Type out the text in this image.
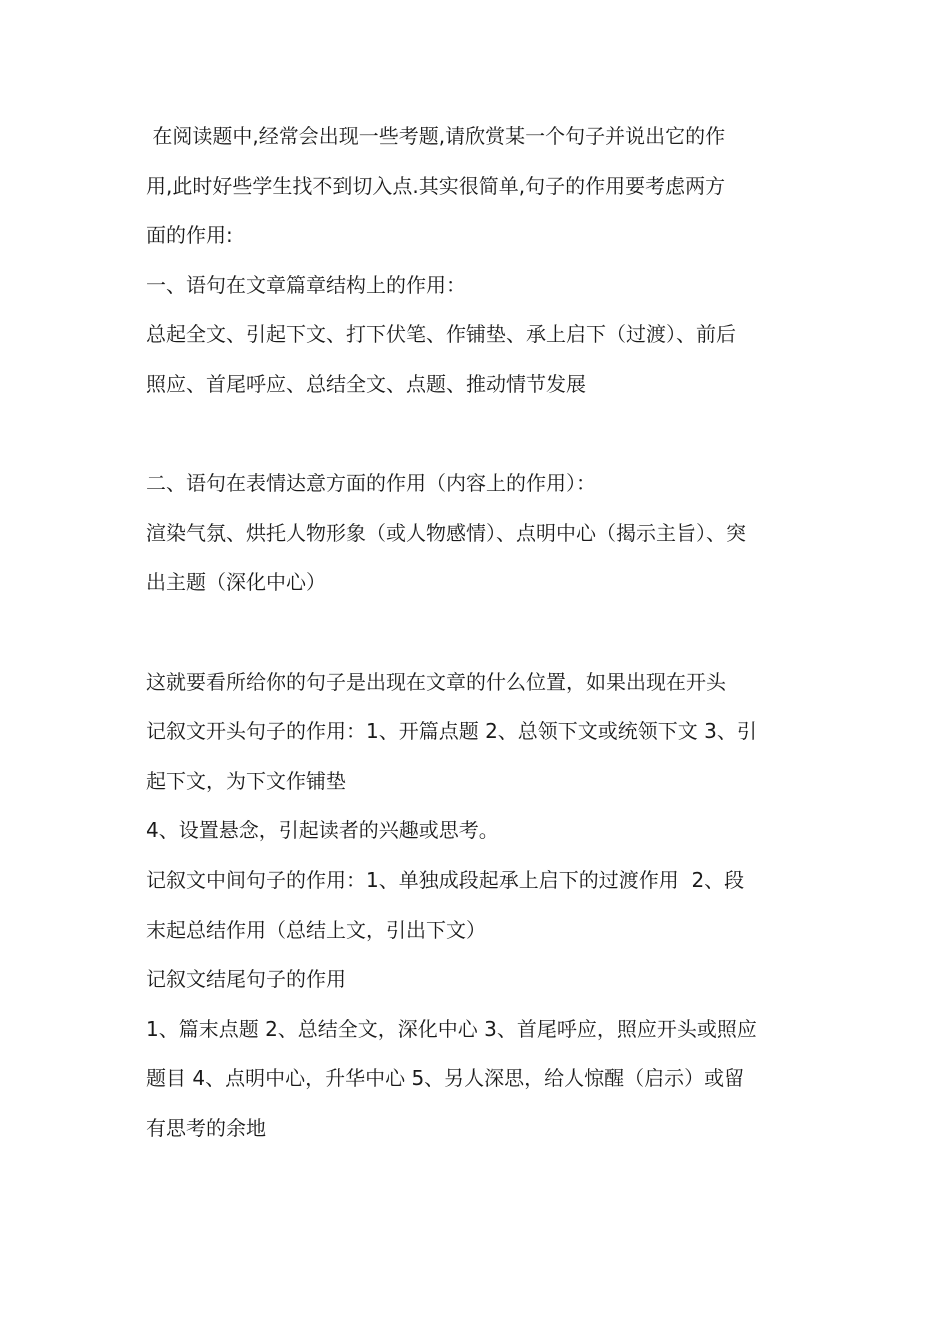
在阅读题中,经常会出现一些考题,请欣赏某一个句子并说出它的作
用,此时好些学生找不到切入点.其实很简单,句子的作用要考虑两方
面的作用:
一、语句在文章篇章结构上的作用：
总起全文、引起下文、打下伏笔、作铺垫、承上启下（过渡）、前后
照应、首尾呼应、总结全文、点题、推动情节发展
二、语句在表情达意方面的作用（内容上的作用）：
渲染气氛、烘托人物形象（或人物感情）、点明中心（揭示主旨）、突
出主题（深化中心）
这就要看所给你的句子是出现在文章的什么位置，如果出现在开头
记叙文开头句子的作用：1、开篇点题 2、总领下文或统领下文 3、引
起下文，为下文作铺垫
4、设置悬念，引起读者的兴趣或思考。
记叙文中间句子的作用：1、单独成段起承上启下的过渡作用  2、段
末起总结作用（总结上文，引出下文）
记叙文结尾句子的作用
1、篇末点题 2、总结全文，深化中心 3、首尾呼应，照应开头或照应
题目 4、点明中心，升华中心 5、另人深思，给人惊醒（启示）或留
有思考的余地
